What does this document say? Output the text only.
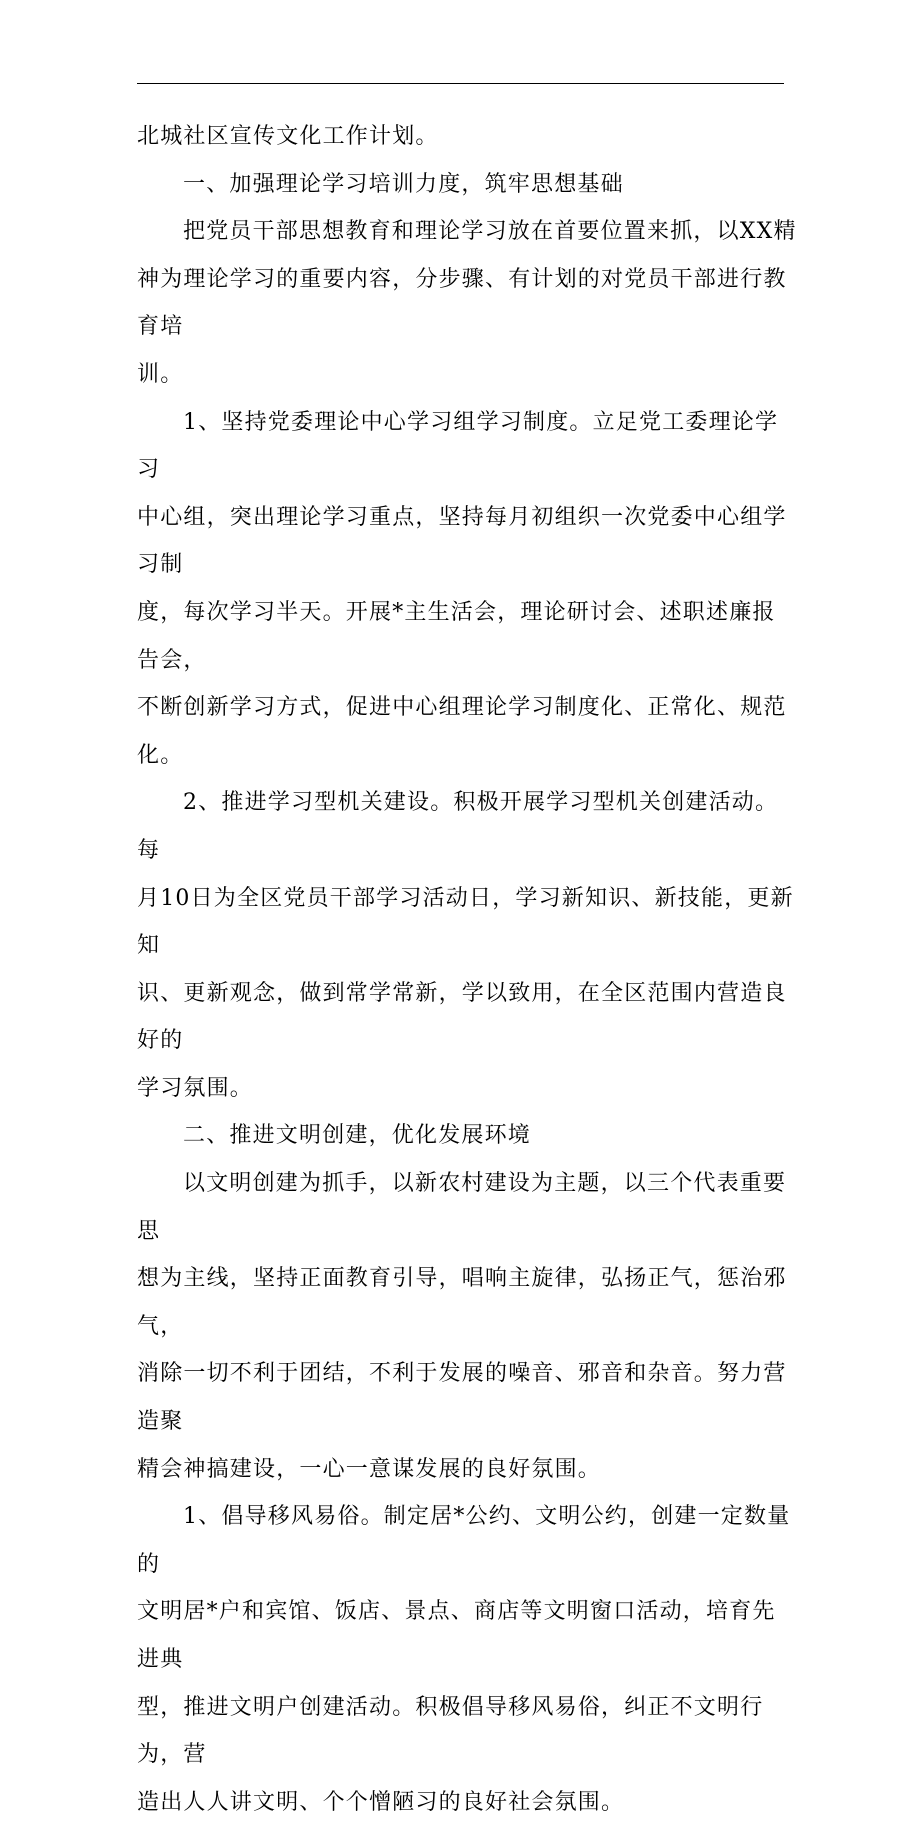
北城社区宣传文化工作计划。

一、加强理论学习培训力度，筑牢思想基础

把党员干部思想教育和理论学习放在首要位置来抓，以XX精
神为理论学习的重要内容，分步骤、有计划的对党员干部进行教育培
训。

1、坚持党委理论中心学习组学习制度。立足党工委理论学习
中心组，突出理论学习重点，坚持每月初组织一次党委中心组学习制
度，每次学习半天。开展*主生活会，理论研讨会、述职述廉报告会，
不断创新学习方式，促进中心组理论学习制度化、正常化、规范化。

2、推进学习型机关建设。积极开展学习型机关创建活动。每
月10日为全区党员干部学习活动日，学习新知识、新技能，更新知
识、更新观念，做到常学常新，学以致用，在全区范围内营造良好的
学习氛围。

二、推进文明创建，优化发展环境

以文明创建为抓手，以新农村建设为主题，以三个代表重要思
想为主线，坚持正面教育引导，唱响主旋律，弘扬正气，惩治邪气，
消除一切不利于团结，不利于发展的噪音、邪音和杂音。努力营造聚
精会神搞建设，一心一意谋发展的良好氛围。

1、倡导移风易俗。制定居*公约、文明公约，创建一定数量的
文明居*户和宾馆、饭店、景点、商店等文明窗口活动，培育先进典
型，推进文明户创建活动。积极倡导移风易俗，纠正不文明行为，营
造出人人讲文明、个个憎陋习的良好社会氛围。
